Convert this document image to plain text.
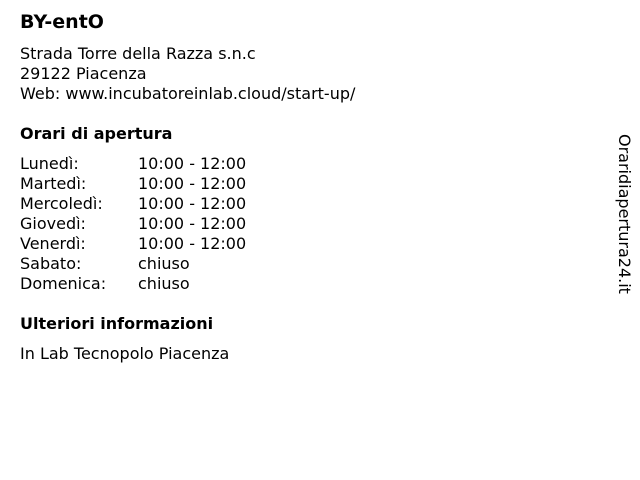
BY-entO
Strada Torre della Razza s.n.c
29122 Piacenza
Web: www.incubatoreinlab.cloud/start-up/
Orari di apertura
Lunedì:	10:00 - 12:00
Martedì:	10:00 - 12:00
Mercoledì:	10:00 - 12:00
Giovedì:	10:00 - 12:00
Venerdì:	10:00 - 12:00
Sabato:	chiuso
Domenica:	chiuso
Ulteriori informazioni
In Lab Tecnopolo Piacenza
Oraridiapertura24.it
